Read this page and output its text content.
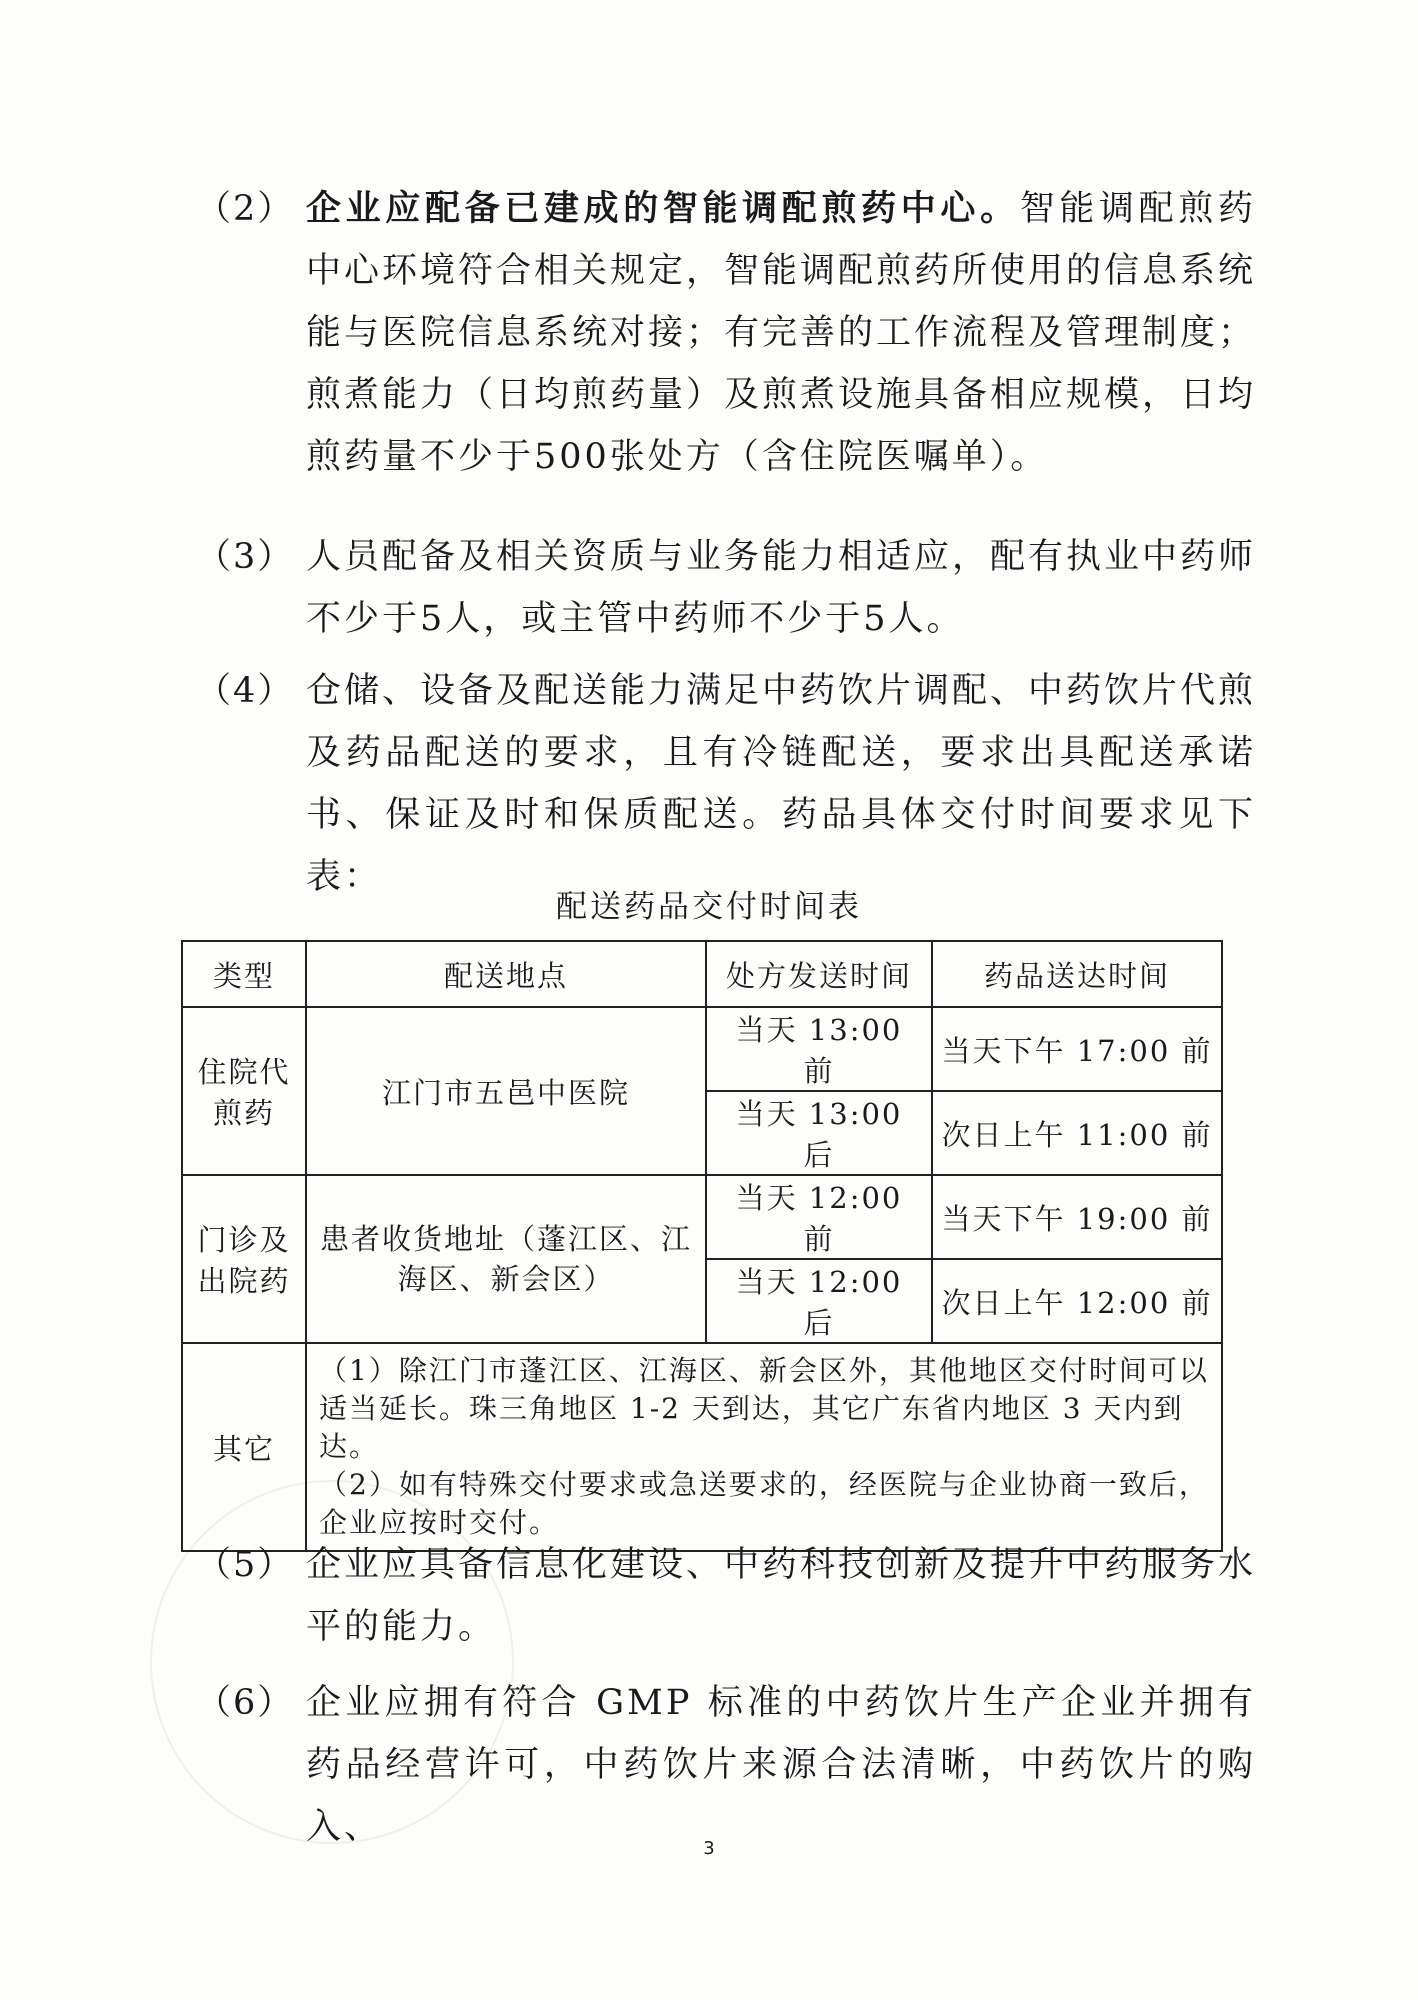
（2） 企业应配备已建成的智能调配煎药中心。智能调配煎药中心环境符合相关规定，智能调配煎药所使用的信息系统能与医院信息系统对接；有完善的工作流程及管理制度；煎煮能力（日均煎药量）及煎煮设施具备相应规模，日均煎药量不少于500张处方（含住院医嘱单）。
（3） 人员配备及相关资质与业务能力相适应，配有执业中药师不少于5人，或主管中药师不少于5人。
（4） 仓储、设备及配送能力满足中药饮片调配、中药饮片代煎及药品配送的要求，且有冷链配送，要求出具配送承诺书、保证及时和保质配送。药品具体交付时间要求见下表：
配送药品交付时间表
类型	配送地点	处方发送时间	药品送达时间
住院代煎药	江门市五邑中医院	当天 13:00 前	当天下午 17:00 前
		当天 13:00 后	次日上午 11:00 前
门诊及出院药	患者收货地址（蓬江区、江海区、新会区）	当天 12:00 前	当天下午 19:00 前
		当天 12:00 后	次日上午 12:00 前
其它	（1）除江门市蓬江区、江海区、新会区外，其他地区交付时间可以适当延长。珠三角地区 1-2 天到达，其它广东省内地区 3 天内到达。

（2）如有特殊交付要求或急送要求的，经医院与企业协商一致后，企业应按时交付。		

（5） 企业应具备信息化建设、中药科技创新及提升中药服务水平的能力。
（6） 企业应拥有符合 GMP 标准的中药饮片生产企业并拥有药品经营许可，中药饮片来源合法清晰，中药饮片的购入、
3
